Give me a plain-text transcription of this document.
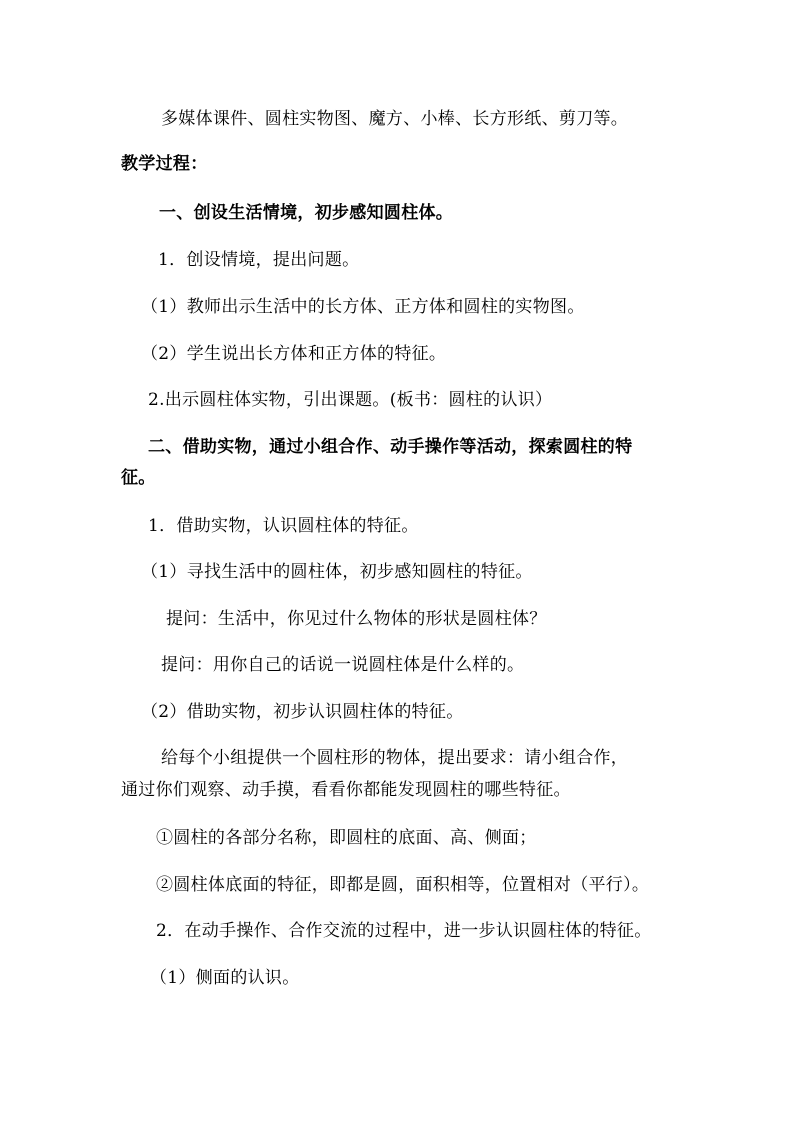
多媒体课件、圆柱实物图、魔方、小棒、长方形纸、剪刀等。
教学过程：
一、创设生活情境，初步感知圆柱体。
1．创设情境，提出问题。
（1）教师出示生活中的长方体、正方体和圆柱的实物图。
（2）学生说出长方体和正方体的特征。
2.出示圆柱体实物，引出课题。(板书：圆柱的认识）
二、借助实物，通过小组合作、动手操作等活动，探索圆柱的特
征。
1．借助实物，认识圆柱体的特征。
（1）寻找生活中的圆柱体，初步感知圆柱的特征。
提问：生活中，你见过什么物体的形状是圆柱体？
提问：用你自己的话说一说圆柱体是什么样的。
（2）借助实物，初步认识圆柱体的特征。
给每个小组提供一个圆柱形的物体，提出要求：请小组合作，
通过你们观察、动手摸，看看你都能发现圆柱的哪些特征。
①圆柱的各部分名称，即圆柱的底面、高、侧面；
②圆柱体底面的特征，即都是圆，面积相等，位置相对（平行）。
2．在动手操作、合作交流的过程中，进一步认识圆柱体的特征。
（1）侧面的认识。
